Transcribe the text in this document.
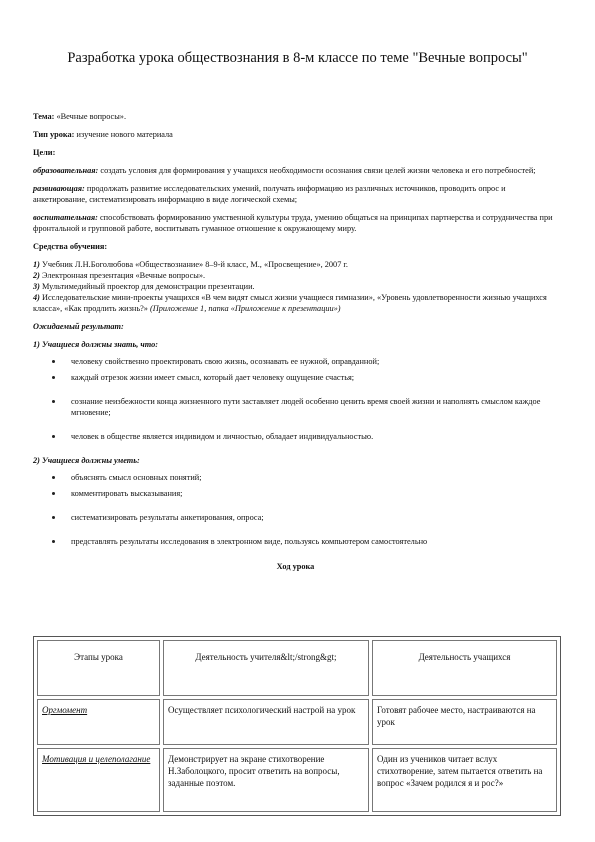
Разработка урока обществознания в 8-м классе по теме "Вечные вопросы"

Тема: «Вечные вопросы».

Тип урока: изучение нового материала

Цели:

образовательная: создать условия для формирования у учащихся необходимости осознания связи целей жизни человека и его потребностей;

развивающая: продолжать развитие исследовательских умений, получать информацию из различных источников, проводить опрос и анкетирование, систематизировать информацию в виде логической схемы;

воспитательная: способствовать формированию умственной культуры труда, умению общаться на принципах партнерства и сотрудничества при фронтальной и групповой работе, воспитывать гуманное отношение к окружающему миру.

Средства обучения:

1) Учебник Л.Н.Боголюбова «Обществознание» 8–9-й класс, М., «Просвещение», 2007 г.

2) Электронная презентация «Вечные вопросы».

3) Мультимедийный проектор для демонстрации презентации.

4) Исследовательские мини-проекты учащихся «В чем видят смысл жизни учащиеся гимназии», «Уровень удовлетворенности жизнью учащихся класса», «Как продлить жизнь?» (Приложение 1, папка «Приложение к презентации»)

Ожидаемый результат:

1) Учащиеся должны знать, что:

человеку свойственно проектировать свою жизнь, осознавать ее нужной, оправданной;
каждый отрезок жизни имеет смысл, который дает человеку ощущение счастья;
сознание неизбежности конца жизненного пути заставляет людей особенно ценить время своей жизни и наполнять смыслом каждое мгновение;
человек в обществе является индивидом и личностью, обладает индивидуальностью.

2) Учащиеся должны уметь:

объяснять смысл основных понятий;
комментировать высказывания;
систематизировать результаты анкетирования, опроса;
представлять результаты исследования в электронном виде, пользуясь компьютером самостоятельно
Ход урока
Этапы урока	Деятельность учителя&lt;/strong&gt;	Деятельность учащихся
Оргмомент	Осуществляет психологический настрой на урок	Готовят рабочее место, настраиваются на урок
Мотивация и целеполагание	Демонстрирует на экране стихотворение Н.Заболоцкого, просит ответить на вопросы, заданные поэтом.	Один из учеников читает вслух стихотворение, затем пытается ответить на вопрос «Зачем родился я и рос?»
